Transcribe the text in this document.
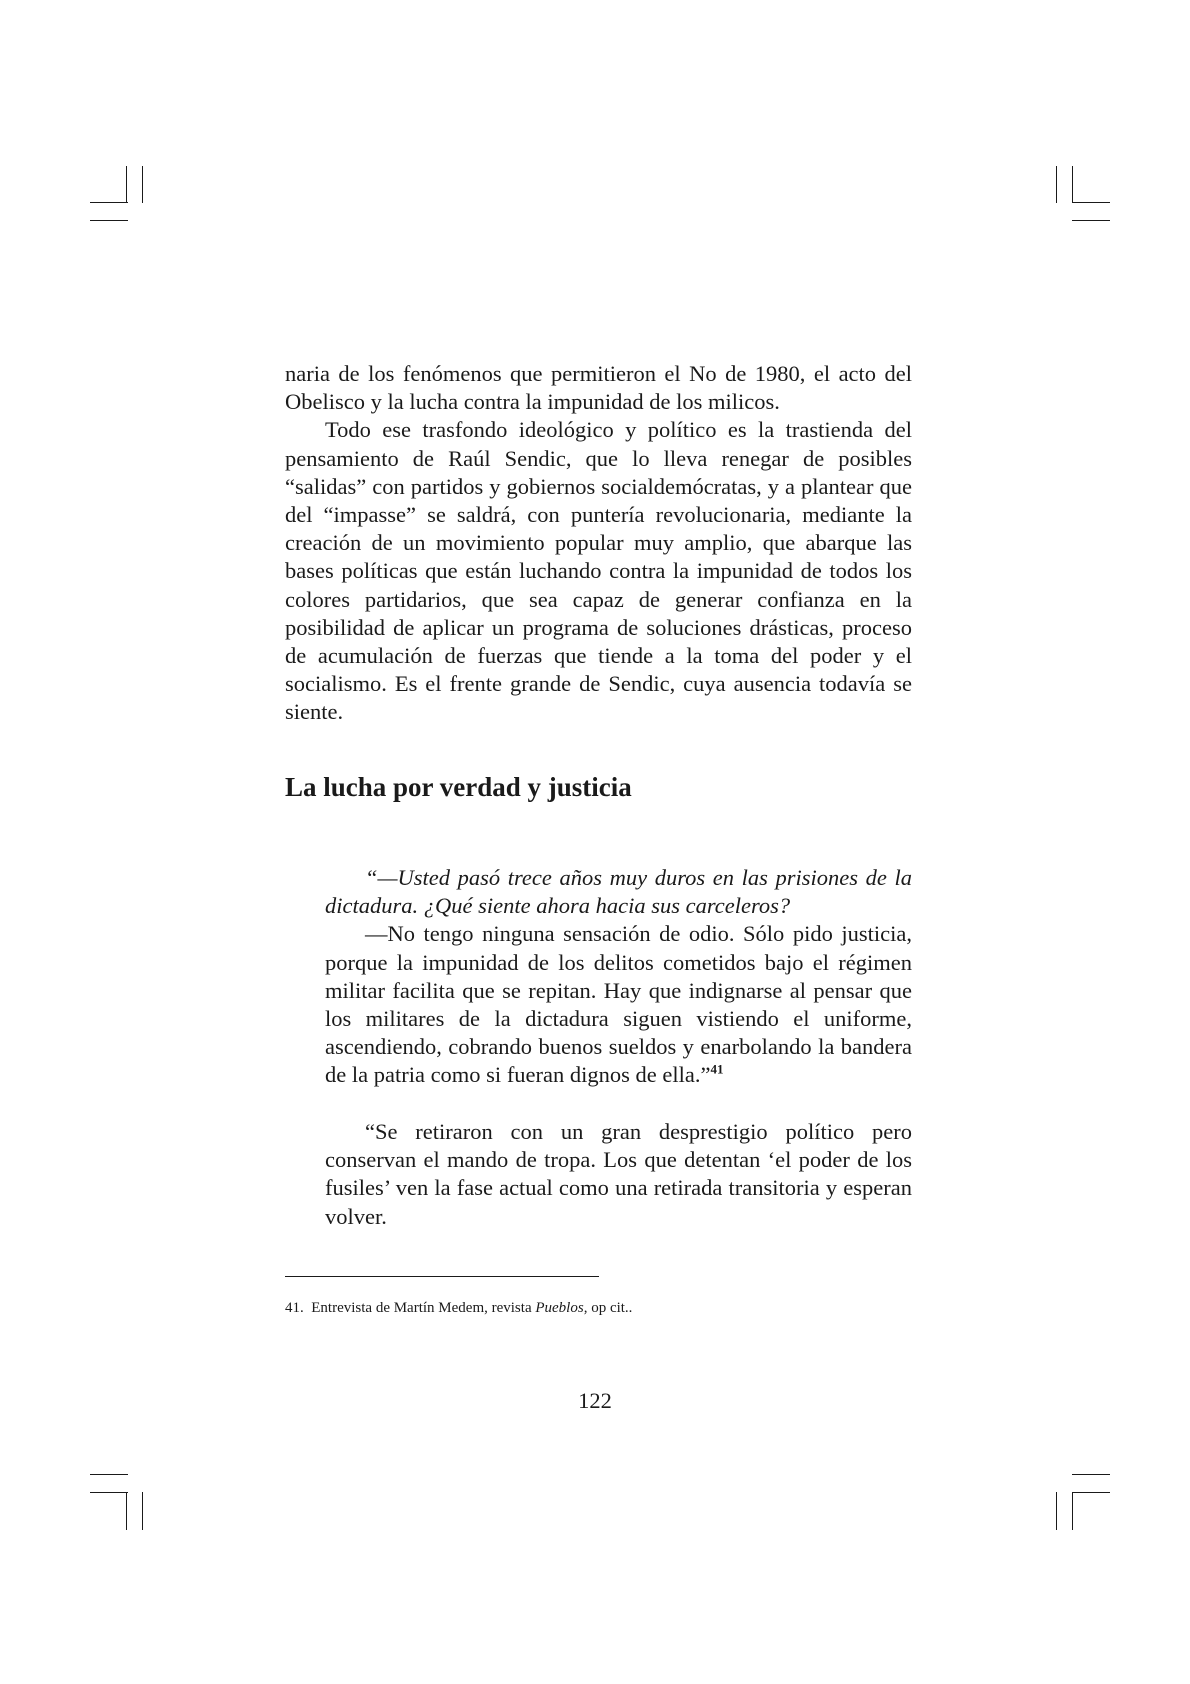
naria de los fenómenos que permitieron el No de 1980, el acto del Obelisco y la lucha contra la impunidad de los milicos.

Todo ese trasfondo ideológico y político es la trastienda del pensamiento de Raúl Sendic, que lo lleva renegar de posibles “salidas” con partidos y gobiernos socialdemócratas, y a plantear que del “impasse” se saldrá, con puntería revolucionaria, mediante la creación de un movimiento popular muy amplio, que abarque las bases políticas que están luchando contra la impunidad de todos los colores partidarios, que sea capaz de generar confianza en la posibilidad de aplicar un programa de soluciones drásticas, proceso de acumulación de fuerzas que tiende a la toma del poder y el socialismo. Es el frente grande de Sendic, cuya ausencia todavía se siente.

La lucha por verdad y justicia

“—Usted pasó trece años muy duros en las prisiones de la dictadura. ¿Qué siente ahora hacia sus carceleros?

—No tengo ninguna sensación de odio. Sólo pido justicia, porque la impunidad de los delitos cometidos bajo el régimen militar facilita que se repitan. Hay que indignarse al pensar que los militares de la dictadura siguen vistiendo el uniforme, ascendiendo, cobrando buenos sueldos y enarbolando la bandera de la patria como si fueran dignos de ella.”$^{41}$

“Se retiraron con un gran desprestigio político pero conservan el mando de tropa. Los que detentan ‘el poder de los fusiles’ ven la fase actual como una retirada transitoria y esperan volver.

41. Entrevista de Martín Medem, revista Pueblos, op cit..

122
